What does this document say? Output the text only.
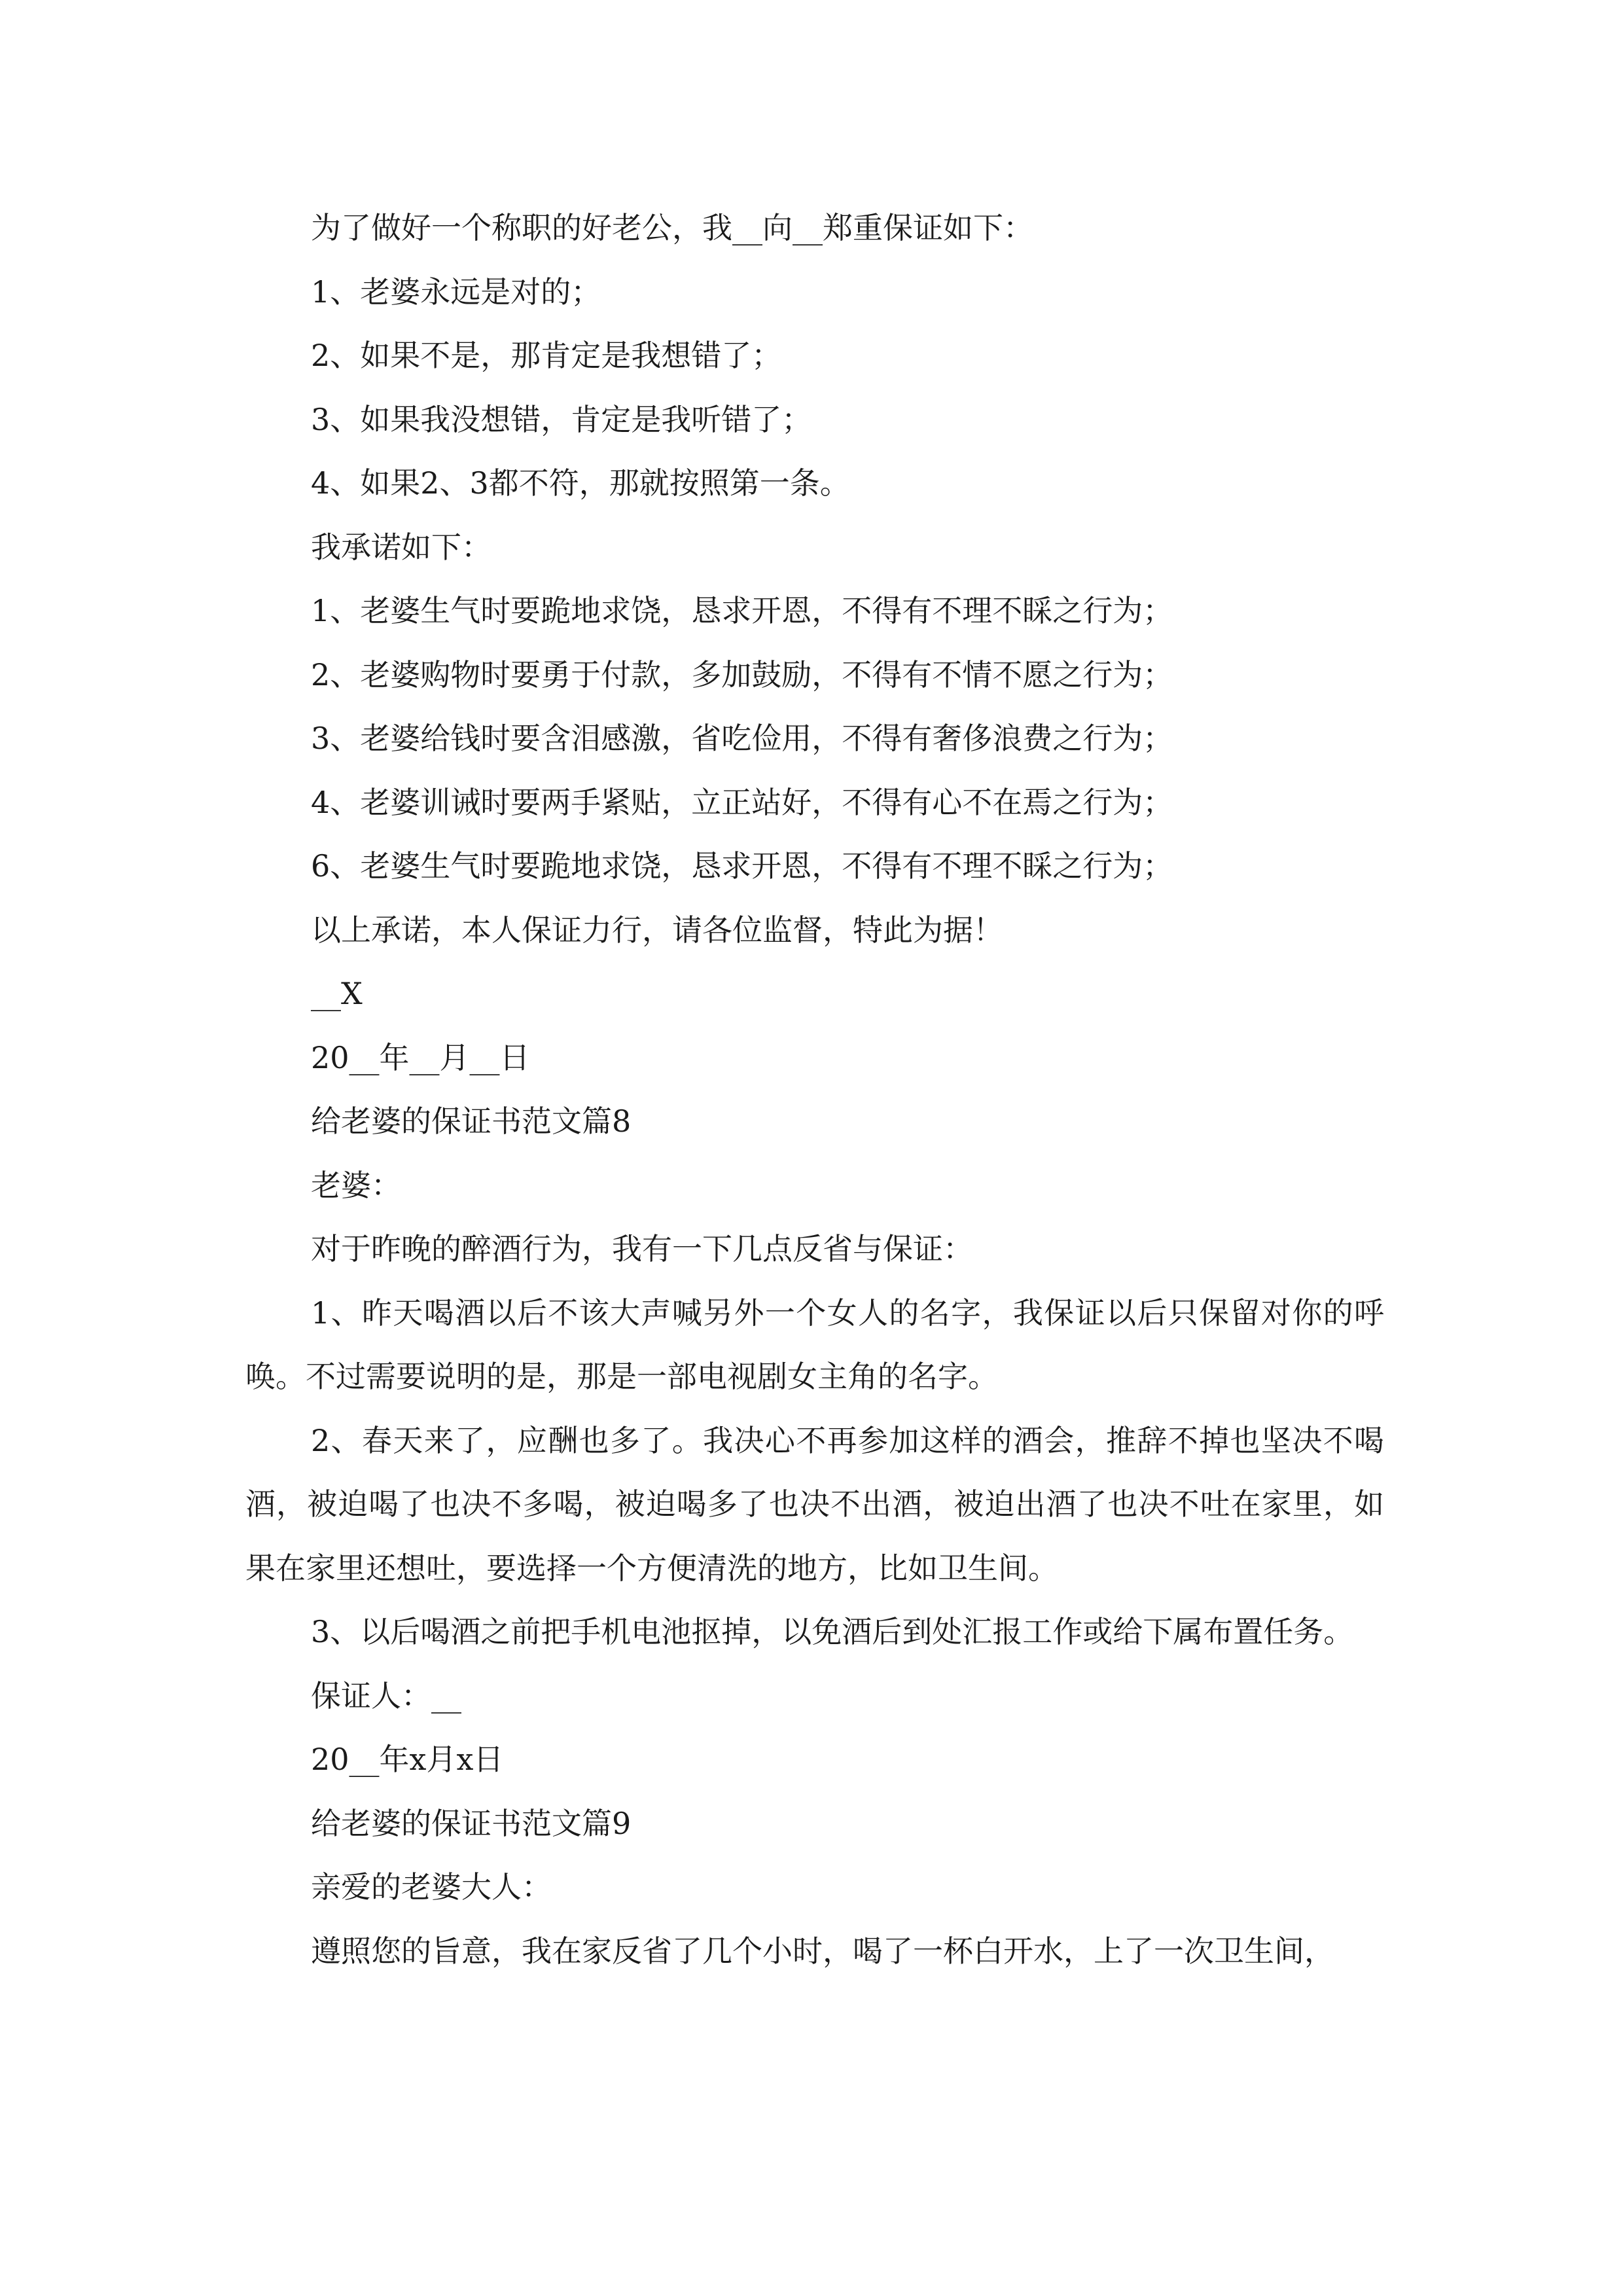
为了做好一个称职的好老公，我__向__郑重保证如下：
1、老婆永远是对的；
2、如果不是，那肯定是我想错了；
3、如果我没想错，肯定是我听错了；
4、如果2、3都不符，那就按照第一条。
我承诺如下：
1、老婆生气时要跪地求饶，恳求开恩，不得有不理不睬之行为；
2、老婆购物时要勇于付款，多加鼓励，不得有不情不愿之行为；
3、老婆给钱时要含泪感激，省吃俭用，不得有奢侈浪费之行为；
4、老婆训诫时要两手紧贴，立正站好，不得有心不在焉之行为；
6、老婆生气时要跪地求饶，恳求开恩，不得有不理不睬之行为；
以上承诺，本人保证力行，请各位监督，特此为据！
__X
20__年__月__日
给老婆的保证书范文篇8
老婆：
对于昨晚的醉酒行为，我有一下几点反省与保证：

1、昨天喝酒以后不该大声喊另外一个女人的名字，我保证以后只保留对你的呼唤。不过需要说明的是，那是一部电视剧女主角的名字。

2、春天来了，应酬也多了。我决心不再参加这样的酒会，推辞不掉也坚决不喝酒，被迫喝了也决不多喝，被迫喝多了也决不出酒，被迫出酒了也决不吐在家里，如果在家里还想吐，要选择一个方便清洗的地方，比如卫生间。

3、以后喝酒之前把手机电池抠掉，以免酒后到处汇报工作或给下属布置任务。

保证人：__
20__年x月x日
给老婆的保证书范文篇9
亲爱的老婆大人：
遵照您的旨意，我在家反省了几个小时，喝了一杯白开水，上了一次卫生间，
